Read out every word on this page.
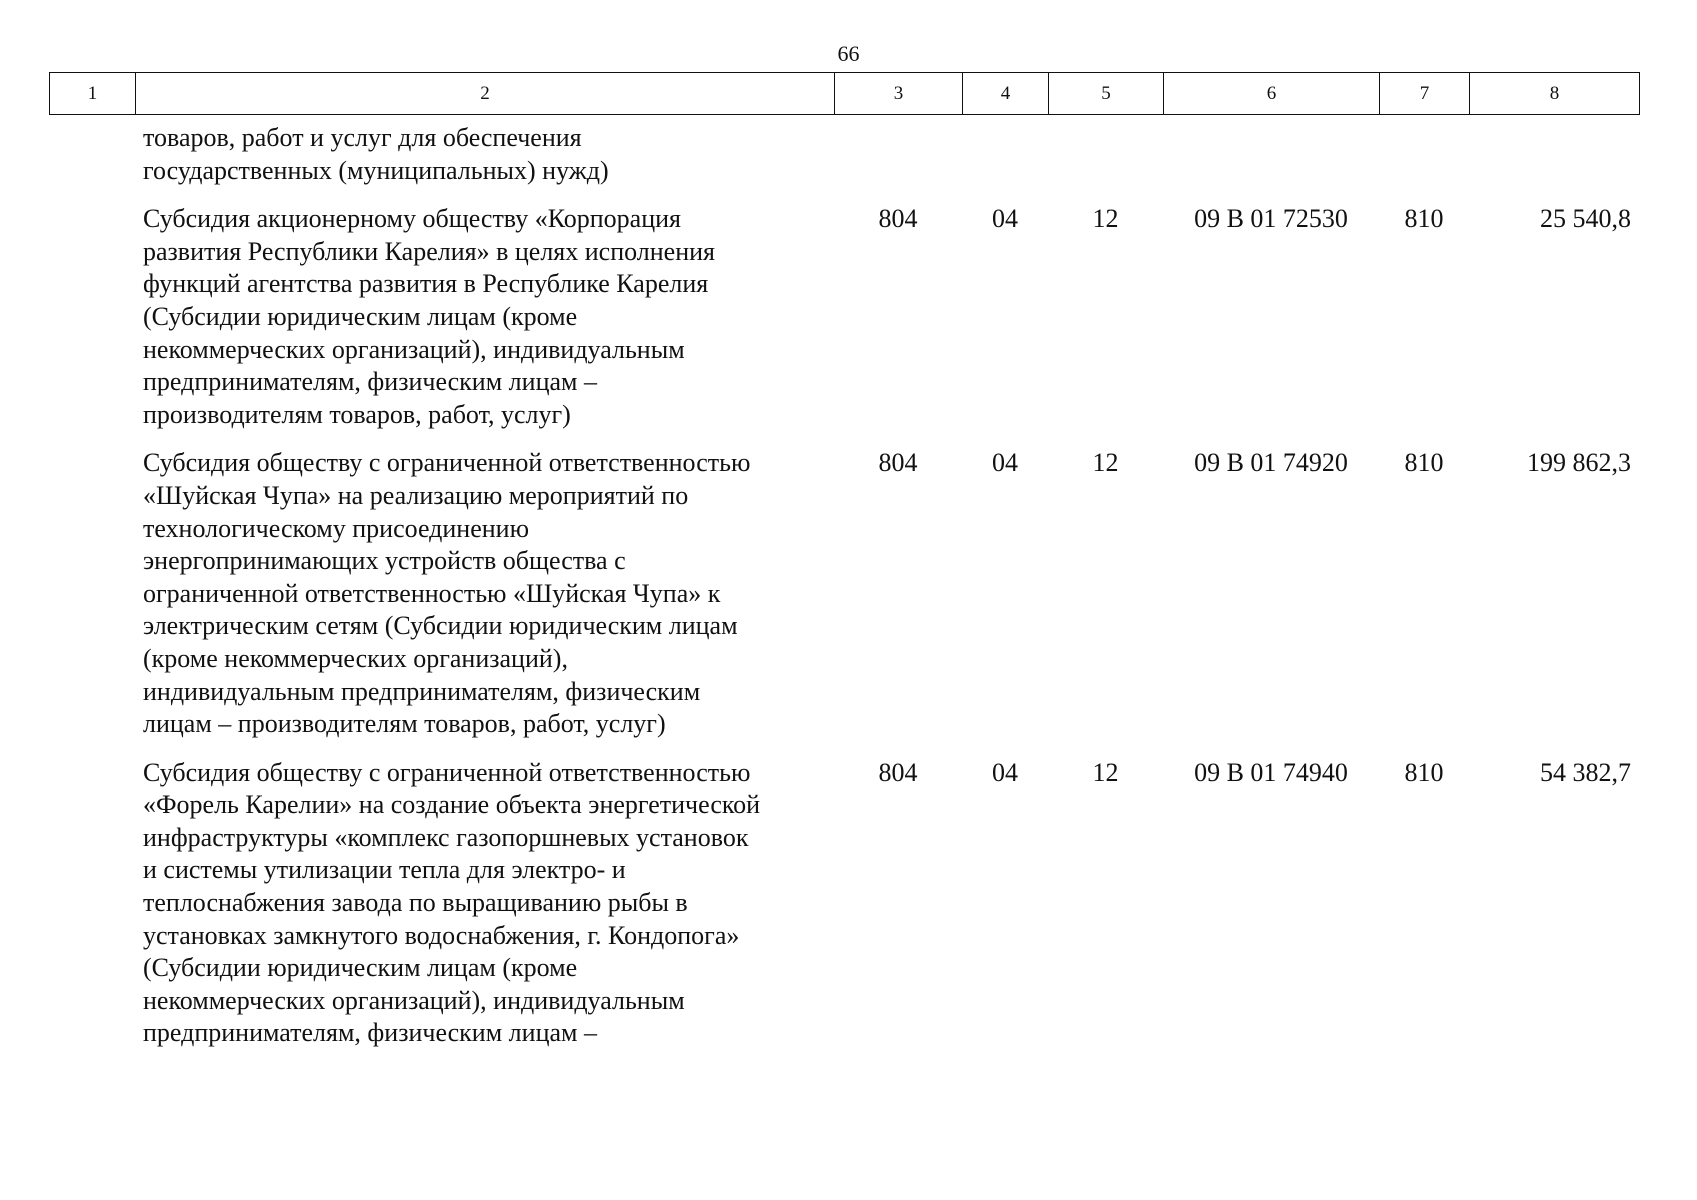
66
1	2	3	4	5	6	7	8
товаров, работ и услуг для обеспечения
государственных (муниципальных) нужд)
Субсидия акционерному обществу «Корпорация
развития Республики Карелия» в целях исполнения
функций агентства развития в Республике Карелия
(Субсидии юридическим лицам (кроме
некоммерческих организаций), индивидуальным
предпринимателям, физическим лицам –
производителям товаров, работ, услуг)
804	04	12	09 В 01 72530	810	25 540,8
Субсидия обществу с ограниченной ответственностью
«Шуйская Чупа» на реализацию мероприятий по
технологическому присоединению
энергопринимающих устройств общества с
ограниченной ответственностью «Шуйская Чупа» к
электрическим сетям (Субсидии юридическим лицам
(кроме некоммерческих организаций),
индивидуальным предпринимателям, физическим
лицам – производителям товаров, работ, услуг)
804	04	12	09 В 01 74920	810	199 862,3
Субсидия обществу с ограниченной ответственностью
«Форель Карелии» на создание объекта энергетической
инфраструктуры «комплекс газопоршневых установок
и системы утилизации тепла для электро- и
теплоснабжения завода по выращиванию рыбы в
установках замкнутого водоснабжения, г. Кондопога»
(Субсидии юридическим лицам (кроме
некоммерческих организаций), индивидуальным
предпринимателям, физическим лицам –
804	04	12	09 В 01 74940	810	54 382,7
